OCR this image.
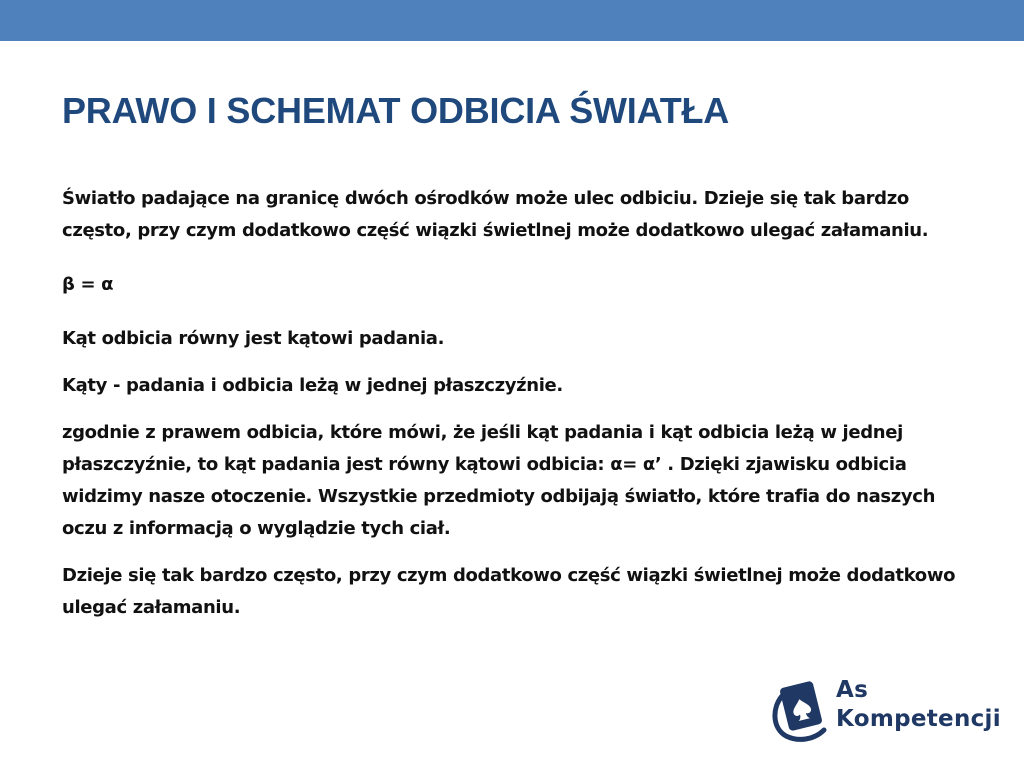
PRAWO I SCHEMAT ODBICIA ŚWIATŁA

Światło padające na granicę dwóch ośrodków może ulec odbiciu. Dzieje się tak bardzo często, przy czym dodatkowo część wiązki świetlnej może dodatkowo ulegać załamaniu.

β = α

Kąt odbicia równy jest kątowi padania.

Kąty - padania i odbicia leżą w jednej płaszczyźnie.

zgodnie z prawem odbicia, które mówi, że jeśli kąt padania i kąt odbicia leżą w jednej płaszczyźnie, to kąt padania jest równy kątowi odbicia: α= α’ . Dzięki zjawisku odbicia widzimy nasze otoczenie. Wszystkie przedmioty odbijają światło, które trafia do naszych oczu z informacją o wyglądzie tych ciał.

Dzieje się tak bardzo często, przy czym dodatkowo część wiązki świetlnej może dodatkowo ulegać załamaniu.

As
Kompetencji
